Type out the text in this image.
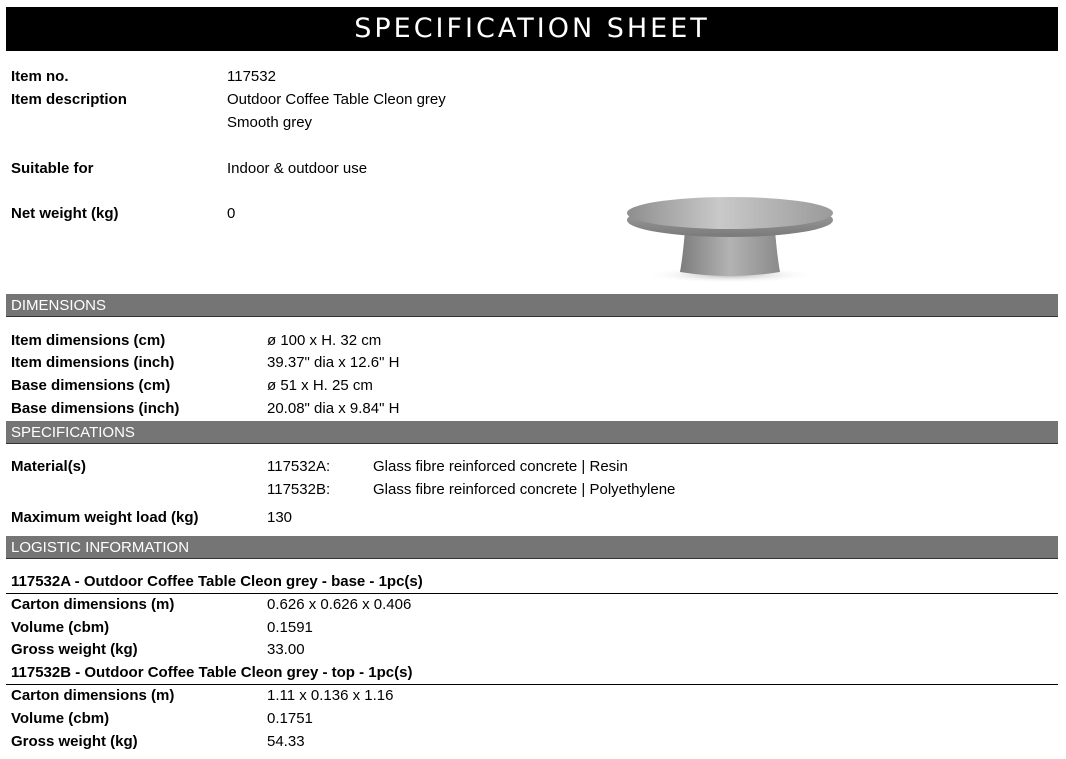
SPECIFICATION SHEET
Item no.	117532
Item description	Outdoor Coffee Table Cleon grey
Smooth grey
Suitable for	Indoor & outdoor use
Net weight (kg)	0
DIMENSIONS
Item dimensions (cm)	ø 100 x H. 32 cm
Item dimensions (inch)	39.37" dia x 12.6" H
Base dimensions (cm)	ø 51 x H. 25 cm
Base dimensions (inch)	20.08" dia x 9.84" H
SPECIFICATIONS
Material(s)	117532A:	Glass fibre reinforced concrete | Resin
117532B:	Glass fibre reinforced concrete | Polyethylene
Maximum weight load (kg)	130
LOGISTIC INFORMATION
117532A - Outdoor Coffee Table Cleon grey - base - 1pc(s)
Carton dimensions (m)	0.626 x 0.626 x 0.406
Volume (cbm)	0.1591
Gross weight (kg)	33.00
117532B - Outdoor Coffee Table Cleon grey - top - 1pc(s)
Carton dimensions (m)	1.11 x 0.136 x 1.16
Volume (cbm)	0.1751
Gross weight (kg)	54.33
